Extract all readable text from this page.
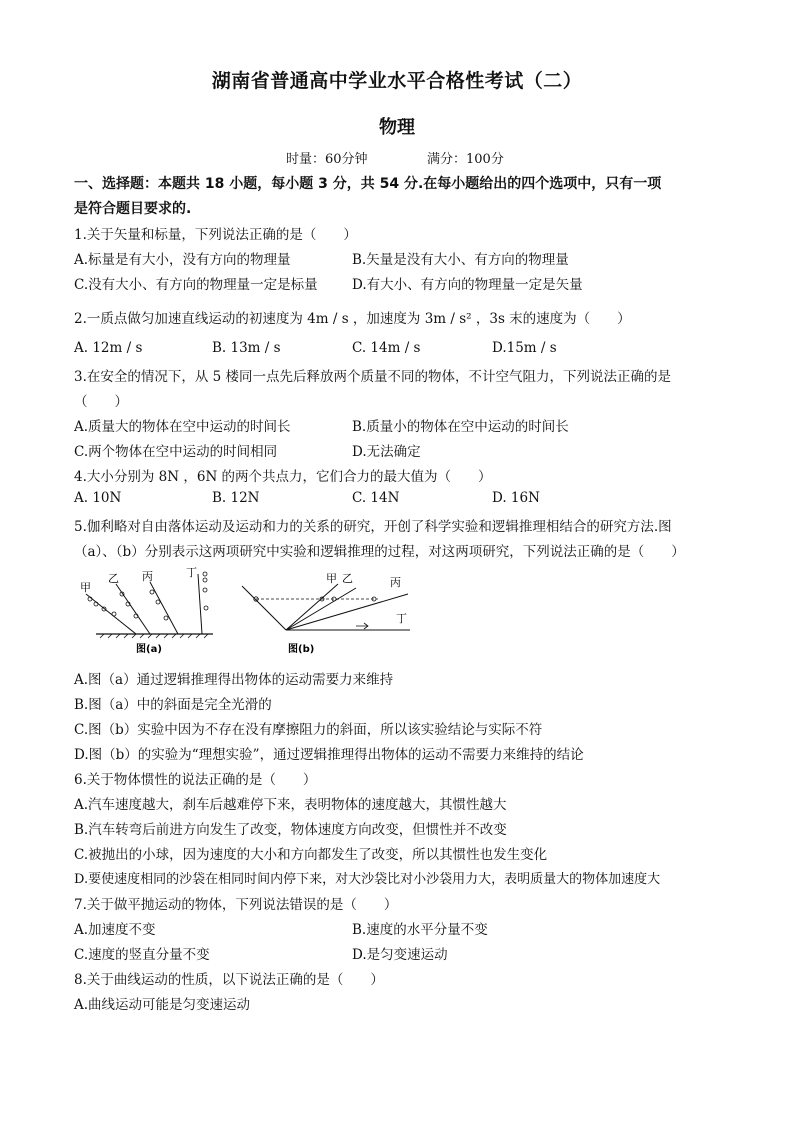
湖南省普通高中学业水平合格性考试（二）
物理
时量：60分钟	满分：100分
一、选择题：本题共 18 小题，每小题 3 分，共 54 分.在每小题给出的四个选项中，只有一项
是符合题目要求的.
1.关于矢量和标量，下列说法正确的是（　　）
A.标量是有大小，没有方向的物理量	B.矢量是没有大小、有方向的物理量
C.没有大小、有方向的物理量一定是标量	D.有大小、有方向的物理量一定是矢量
2.一质点做匀加速直线运动的初速度为 4m / s ，加速度为 3m / s² ，3s 末的速度为（　　）
A. 12m / s	B. 13m / s	C. 14m / s	D.15m / s
3.在安全的情况下，从 5 楼同一点先后释放两个质量不同的物体，不计空气阻力，下列说法正确的是
（　　）
A.质量大的物体在空中运动的时间长	B.质量小的物体在空中运动的时间长
C.两个物体在空中运动的时间相同	D.无法确定
4.大小分别为 8N ，6N 的两个共点力，它们合力的最大值为（　　）
A. 10N	B. 12N	C. 14N	D. 16N
5.伽利略对自由落体运动及运动和力的关系的研究，开创了科学实验和逻辑推理相结合的研究方法.图
（a）、（b）分别表示这两项研究中实验和逻辑推理的过程，对这两项研究，下列说法正确的是（　　）
甲
乙 丙	丁
图(a)
甲 乙	丙
丁
图(b)
A.图（a）通过逻辑推理得出物体的运动需要力来维持
B.图（a）中的斜面是完全光滑的
C.图（b）实验中因为不存在没有摩擦阻力的斜面，所以该实验结论与实际不符
D.图（b）的实验为“理想实验”，通过逻辑推理得出物体的运动不需要力来维持的结论
6.关于物体惯性的说法正确的是（　　）
A.汽车速度越大，刹车后越难停下来，表明物体的速度越大，其惯性越大
B.汽车转弯后前进方向发生了改变，物体速度方向改变，但惯性并不改变
C.被抛出的小球，因为速度的大小和方向都发生了改变，所以其惯性也发生变化
D.要使速度相同的沙袋在相同时间内停下来，对大沙袋比对小沙袋用力大，表明质量大的物体加速度大
7.关于做平抛运动的物体，下列说法错误的是（　　）
A.加速度不变	B.速度的水平分量不变
C.速度的竖直分量不变	D.是匀变速运动
8.关于曲线运动的性质，以下说法正确的是（　　）
A.曲线运动可能是匀变速运动
